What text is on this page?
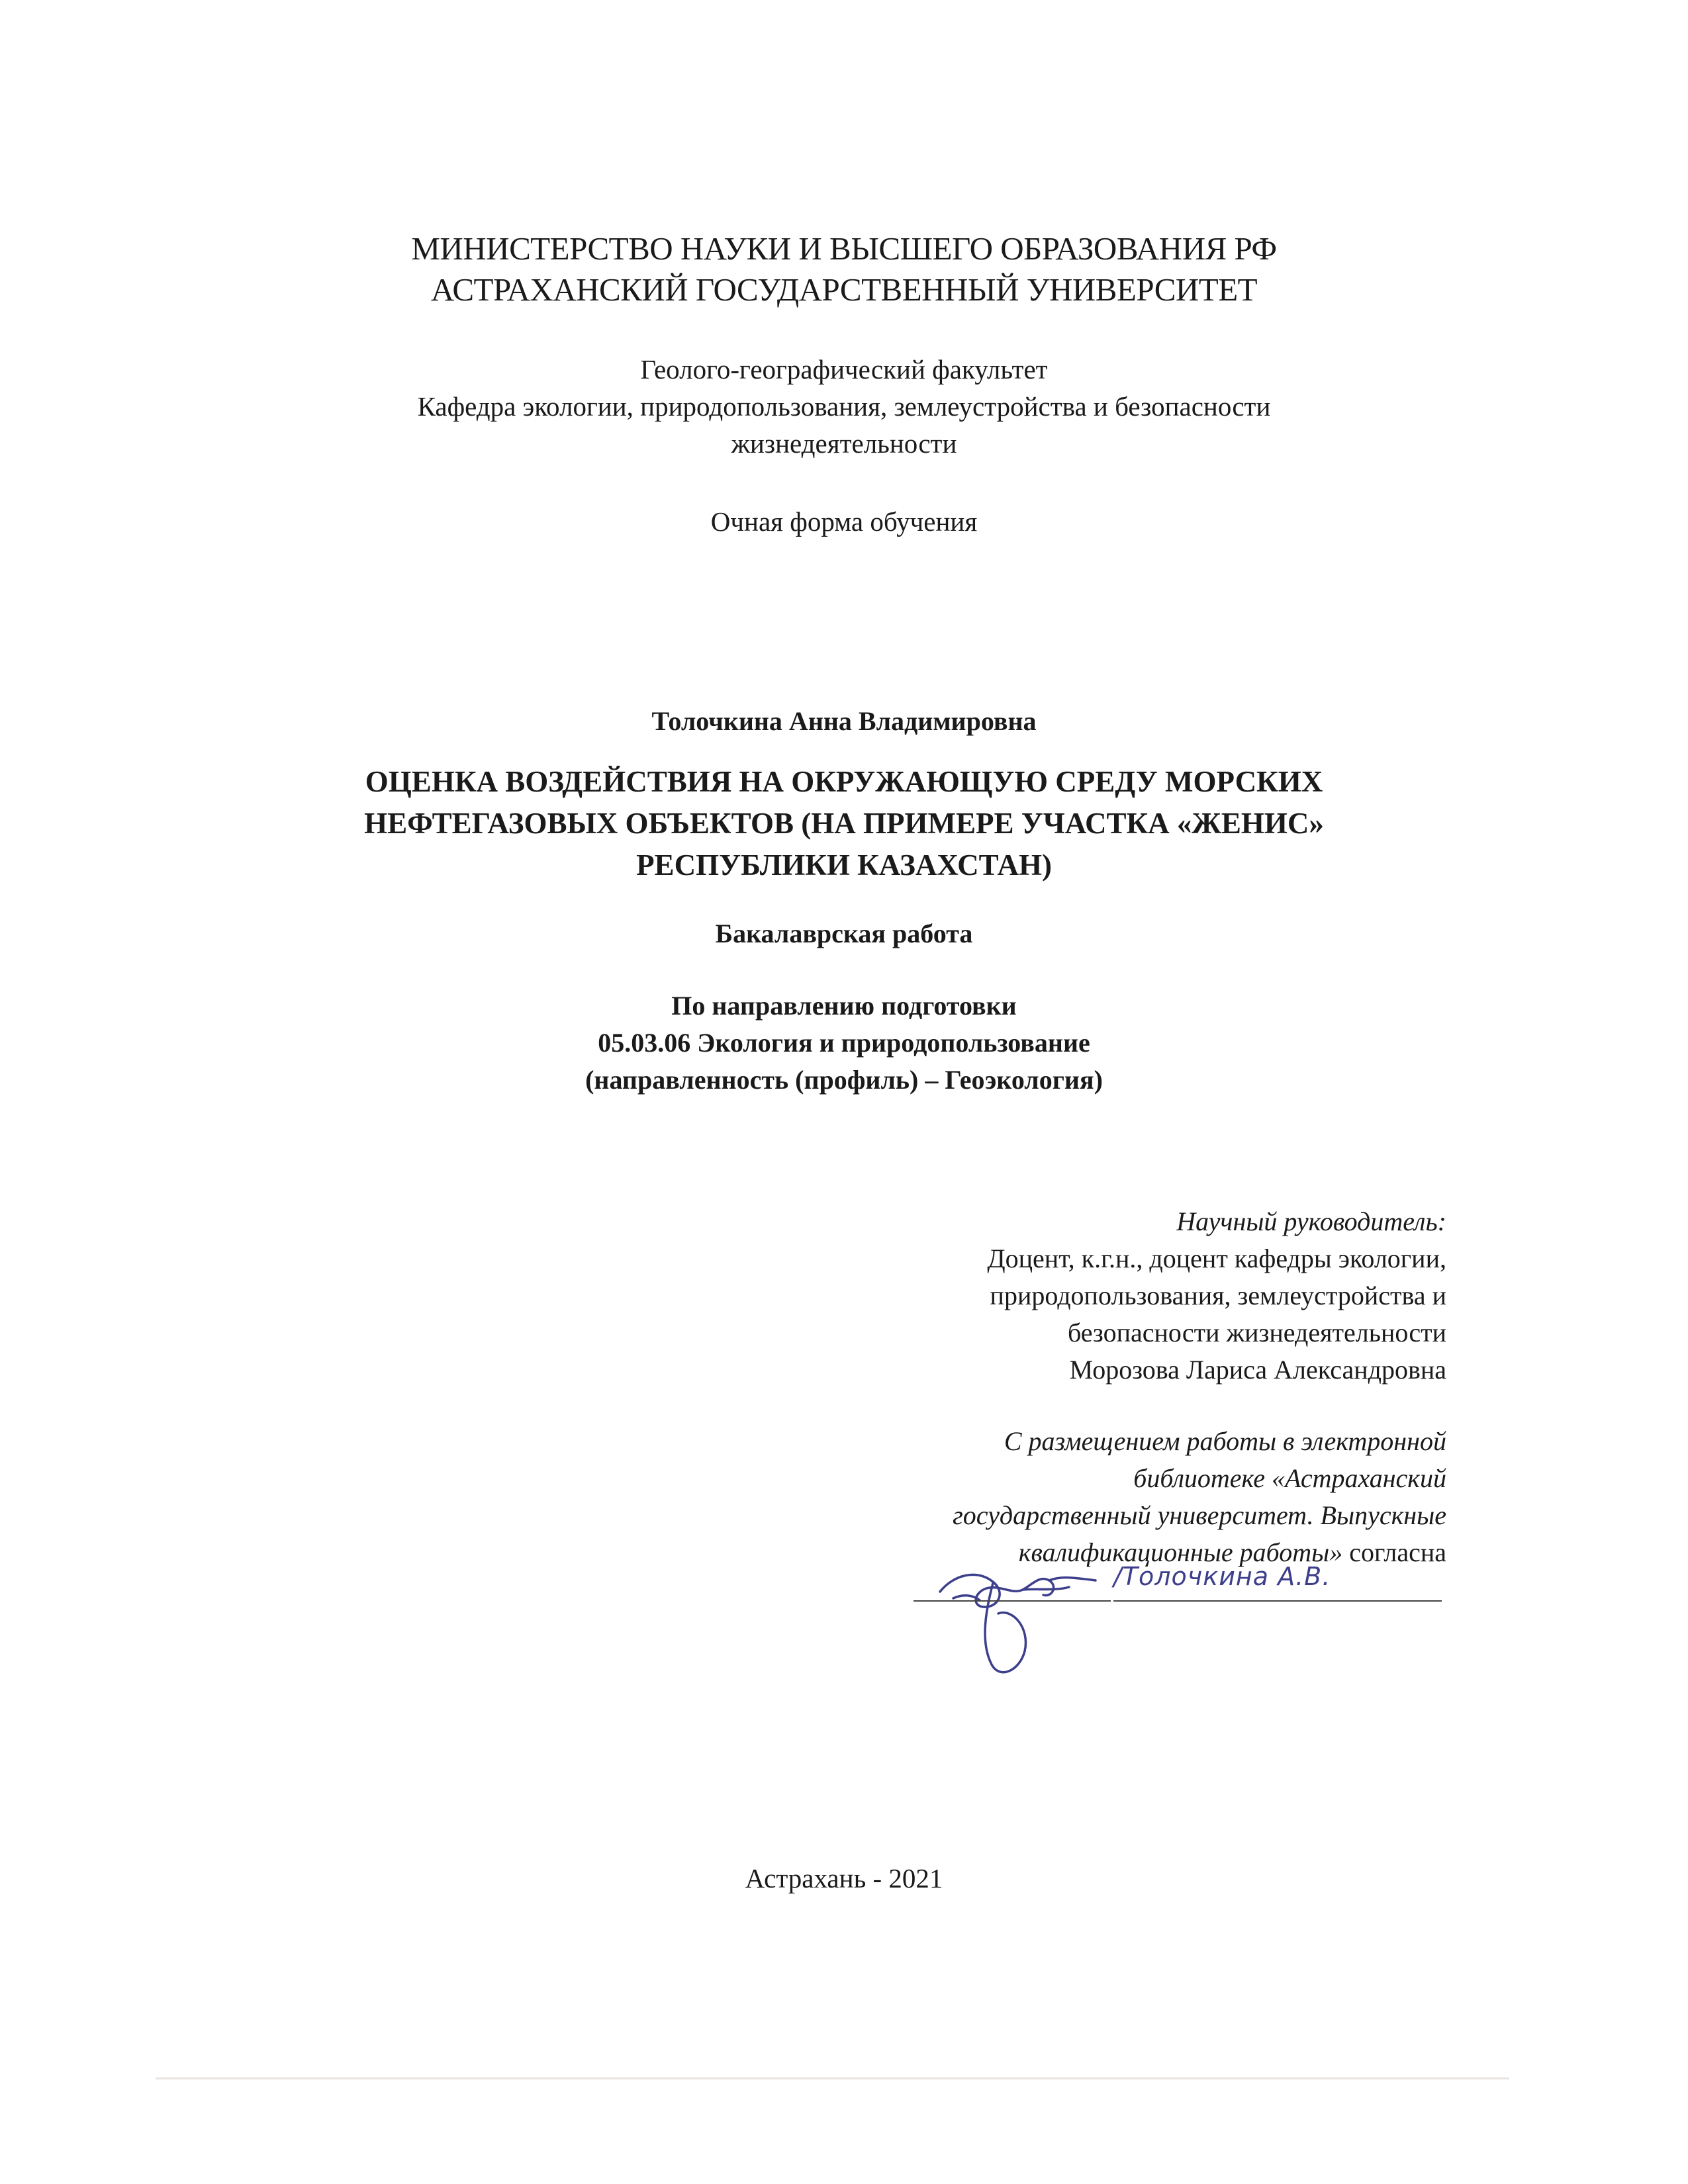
МИНИСТЕРСТВО НАУКИ И ВЫСШЕГО ОБРАЗОВАНИЯ РФ
АСТРАХАНСКИЙ ГОСУДАРСТВЕННЫЙ УНИВЕРСИТЕТ
Геолого-географический факультет
Кафедра экологии, природопользования, землеустройства и безопасности
жизнедеятельности
Очная форма обучения
Толочкина Анна Владимировна
ОЦЕНКА ВОЗДЕЙСТВИЯ НА ОКРУЖАЮЩУЮ СРЕДУ МОРСКИХ
НЕФТЕГАЗОВЫХ ОБЪЕКТОВ (НА ПРИМЕРЕ УЧАСТКА «ЖЕНИС»
РЕСПУБЛИКИ КАЗАХСТАН)
Бакалаврская работа
По направлению подготовки
05.03.06 Экология и природопользование
(направленность (профиль) – Геоэкология)
Научный руководитель:
Доцент, к.г.н., доцент кафедры экологии,
природопользования, землеустройства и
безопасности жизнедеятельности
Морозова Лариса Александровна
С размещением работы в электронной
библиотеке «Астраханский
государственный университет. Выпускные
квалификационные работы» согласна
/Толочкина А.В.
Астрахань - 2021
